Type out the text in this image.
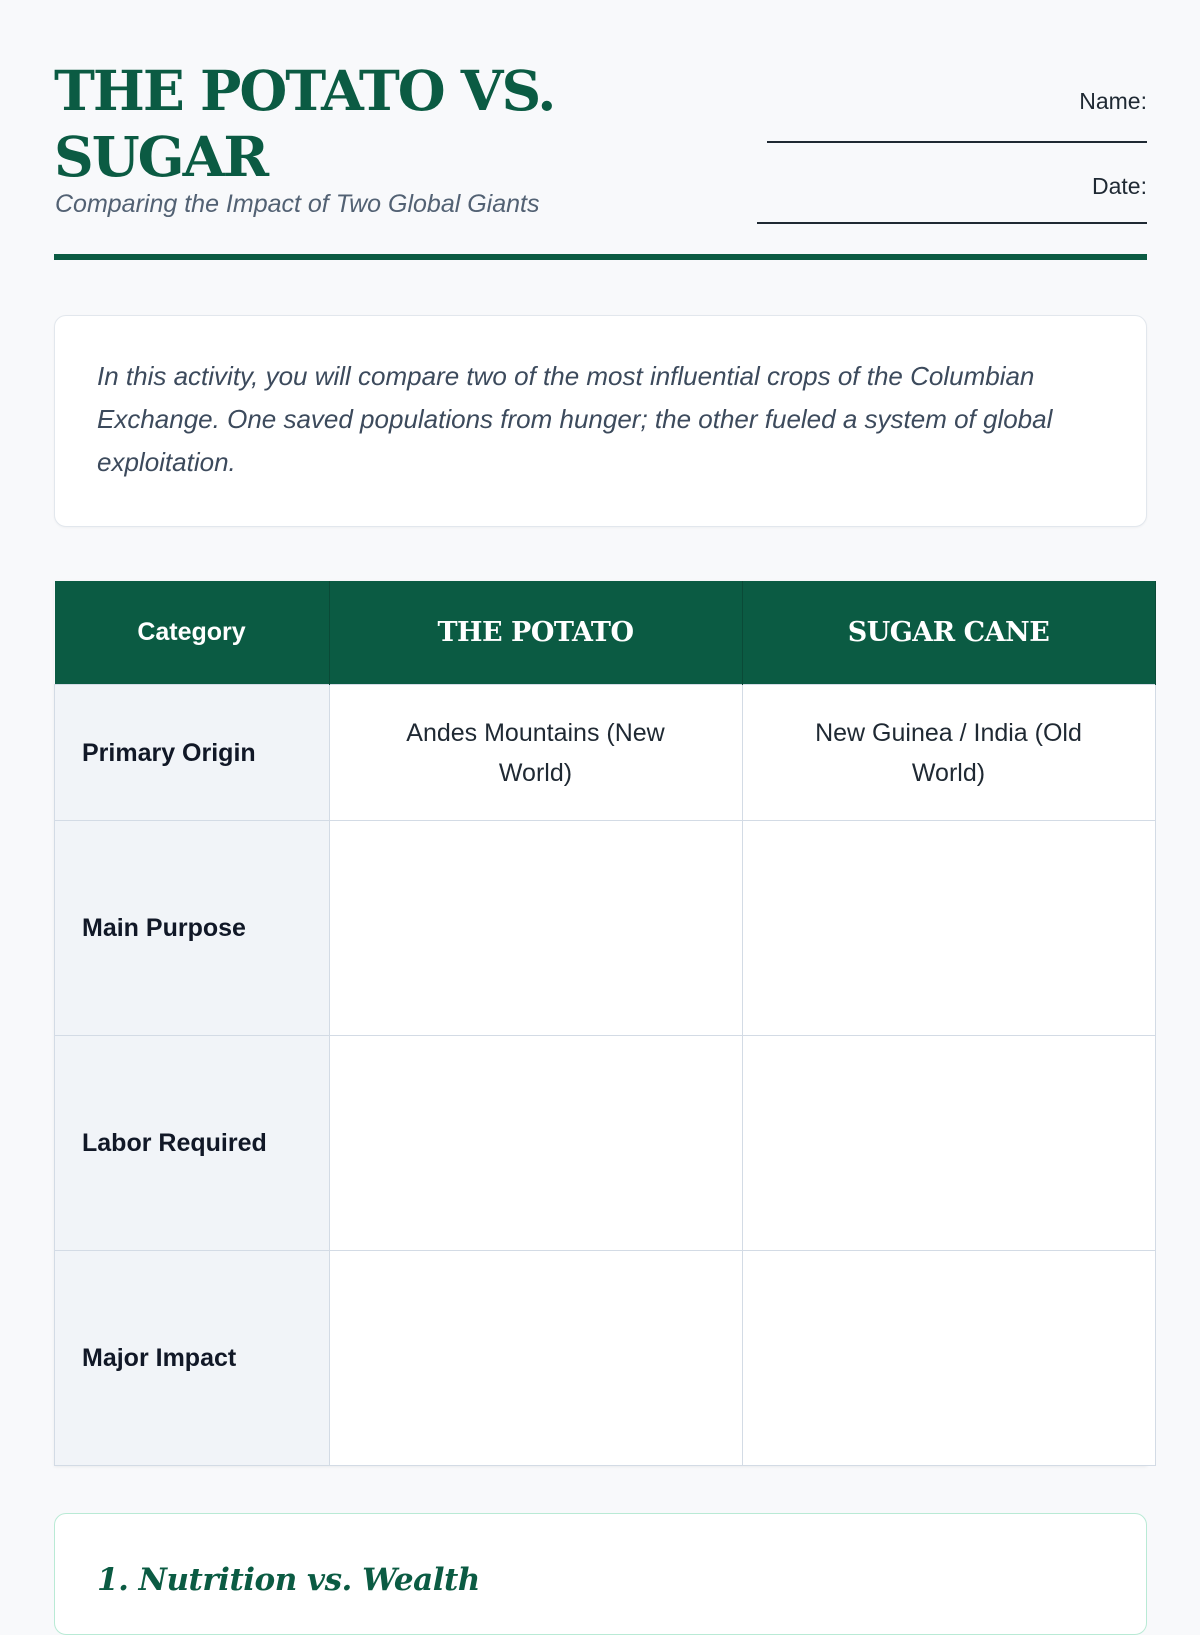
THE POTATO VS. SUGAR
Comparing the Impact of Two Global Giants
Name:
Date:

In this activity, you will compare two of the most influential crops of the Columbian Exchange. One saved populations from hunger; the other fueled a system of global exploitation.

Category	THE POTATO	SUGAR CANE
Primary Origin	Andes Mountains (New World)	New Guinea / India (Old World)
Main Purpose		
Labor Required		
Major Impact		
1. Nutrition vs. Wealth
